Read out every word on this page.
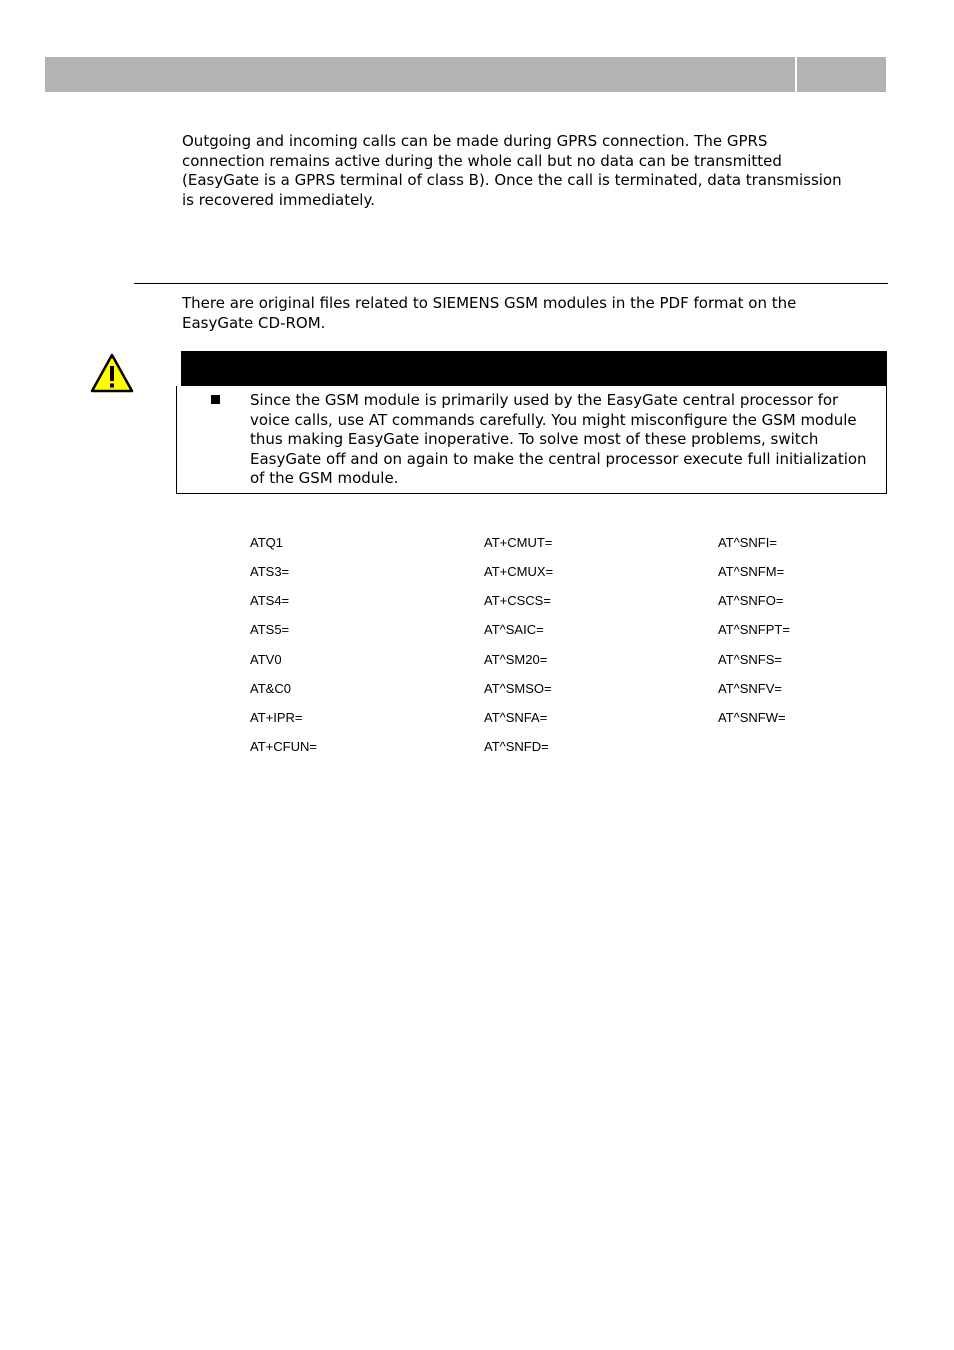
Outgoing and incoming calls can be made during GPRS connection. The GPRS connection remains active during the whole call but no data can be transmitted (EasyGate is a GPRS terminal of class B). Once the call is terminated, data transmission is recovered immediately.

There are original files related to SIEMENS GSM modules in the PDF format on the EasyGate CD-ROM.

Since the GSM module is primarily used by the EasyGate central processor for voice calls, use AT commands carefully. You might misconfigure the GSM module thus making EasyGate inoperative. To solve most of these problems, switch EasyGate off and on again to make the central processor execute full initialization of the GSM module.

ATQ1
ATS3=
ATS4=
ATS5=
ATV0
AT&C0
AT+IPR=
AT+CFUN=
AT+CMUT=
AT+CMUX=
AT+CSCS=
AT^SAIC=
AT^SM20=
AT^SMSO=
AT^SNFA=
AT^SNFD=
AT^SNFI=
AT^SNFM=
AT^SNFO=
AT^SNFPT=
AT^SNFS=
AT^SNFV=
AT^SNFW=
